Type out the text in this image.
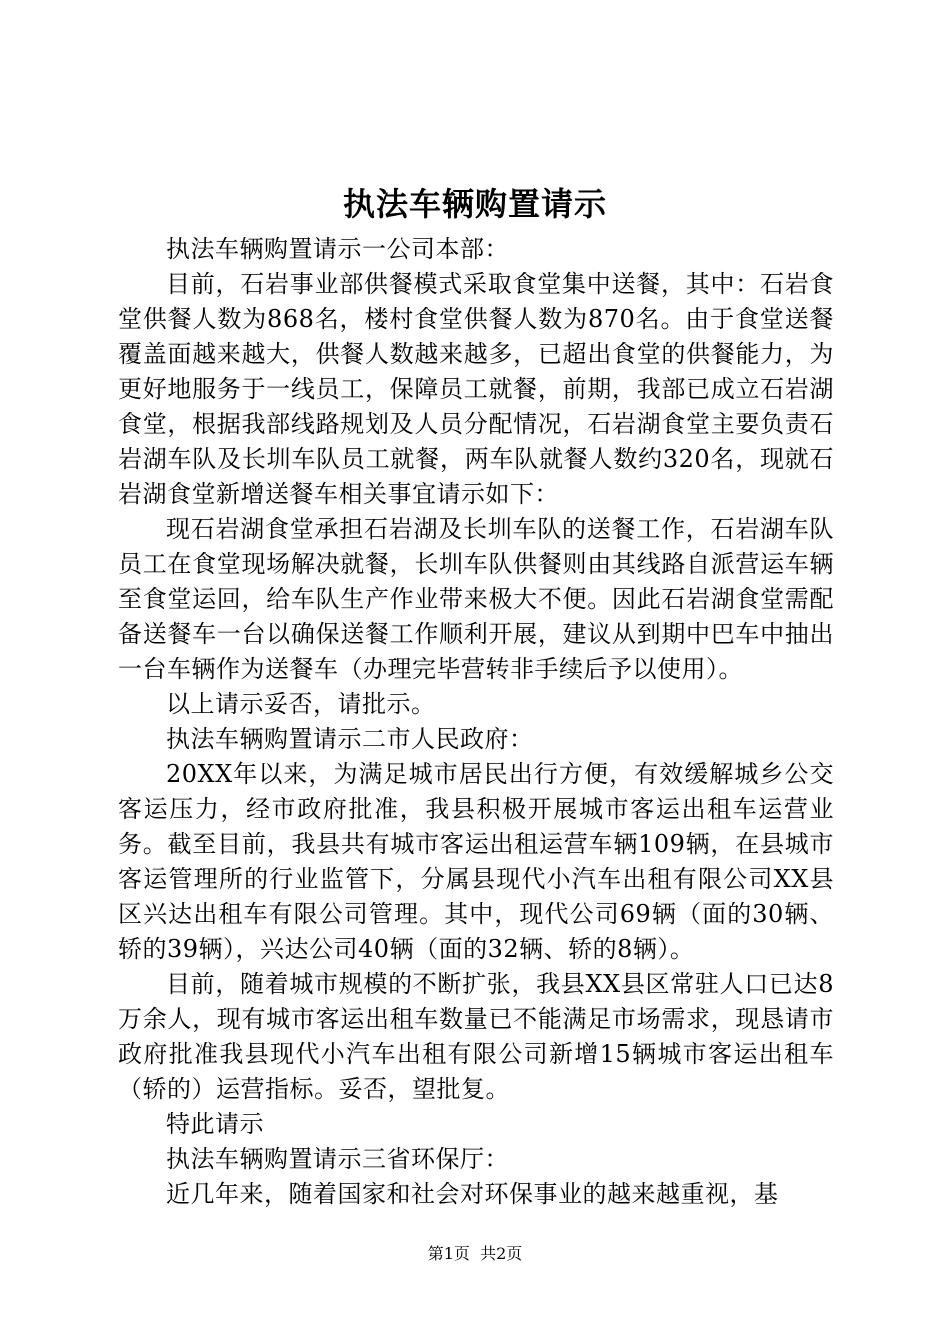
执法车辆购置请示

执法车辆购置请示一公司本部：

目前，石岩事业部供餐模式采取食堂集中送餐，其中：石岩食堂供餐人数为868名，楼村食堂供餐人数为870名。由于食堂送餐覆盖面越来越大，供餐人数越来越多，已超出食堂的供餐能力，为更好地服务于一线员工，保障员工就餐，前期，我部已成立石岩湖食堂，根据我部线路规划及人员分配情况，石岩湖食堂主要负责石岩湖车队及长圳车队员工就餐，两车队就餐人数约320名，现就石岩湖食堂新增送餐车相关事宜请示如下：

现石岩湖食堂承担石岩湖及长圳车队的送餐工作，石岩湖车队员工在食堂现场解决就餐，长圳车队供餐则由其线路自派营运车辆至食堂运回，给车队生产作业带来极大不便。因此石岩湖食堂需配备送餐车一台以确保送餐工作顺利开展，建议从到期中巴车中抽出一台车辆作为送餐车（办理完毕营转非手续后予以使用）。

以上请示妥否，请批示。

执法车辆购置请示二市人民政府：

20XX年以来，为满足城市居民出行方便，有效缓解城乡公交客运压力，经市政府批准，我县积极开展城市客运出租车运营业务。截至目前，我县共有城市客运出租运营车辆109辆，在县城市客运管理所的行业监管下，分属县现代小汽车出租有限公司XX县区兴达出租车有限公司管理。其中，现代公司69辆（面的30辆、轿的39辆），兴达公司40辆（面的32辆、轿的8辆）。

目前，随着城市规模的不断扩张，我县XX县区常驻人口已达8万余人，现有城市客运出租车数量已不能满足市场需求，现恳请市政府批准我县现代小汽车出租有限公司新增15辆城市客运出租车（轿的）运营指标。妥否，望批复。

特此请示

执法车辆购置请示三省环保厅：

近几年来，随着国家和社会对环保事业的越来越重视，基

第1页  共2页
